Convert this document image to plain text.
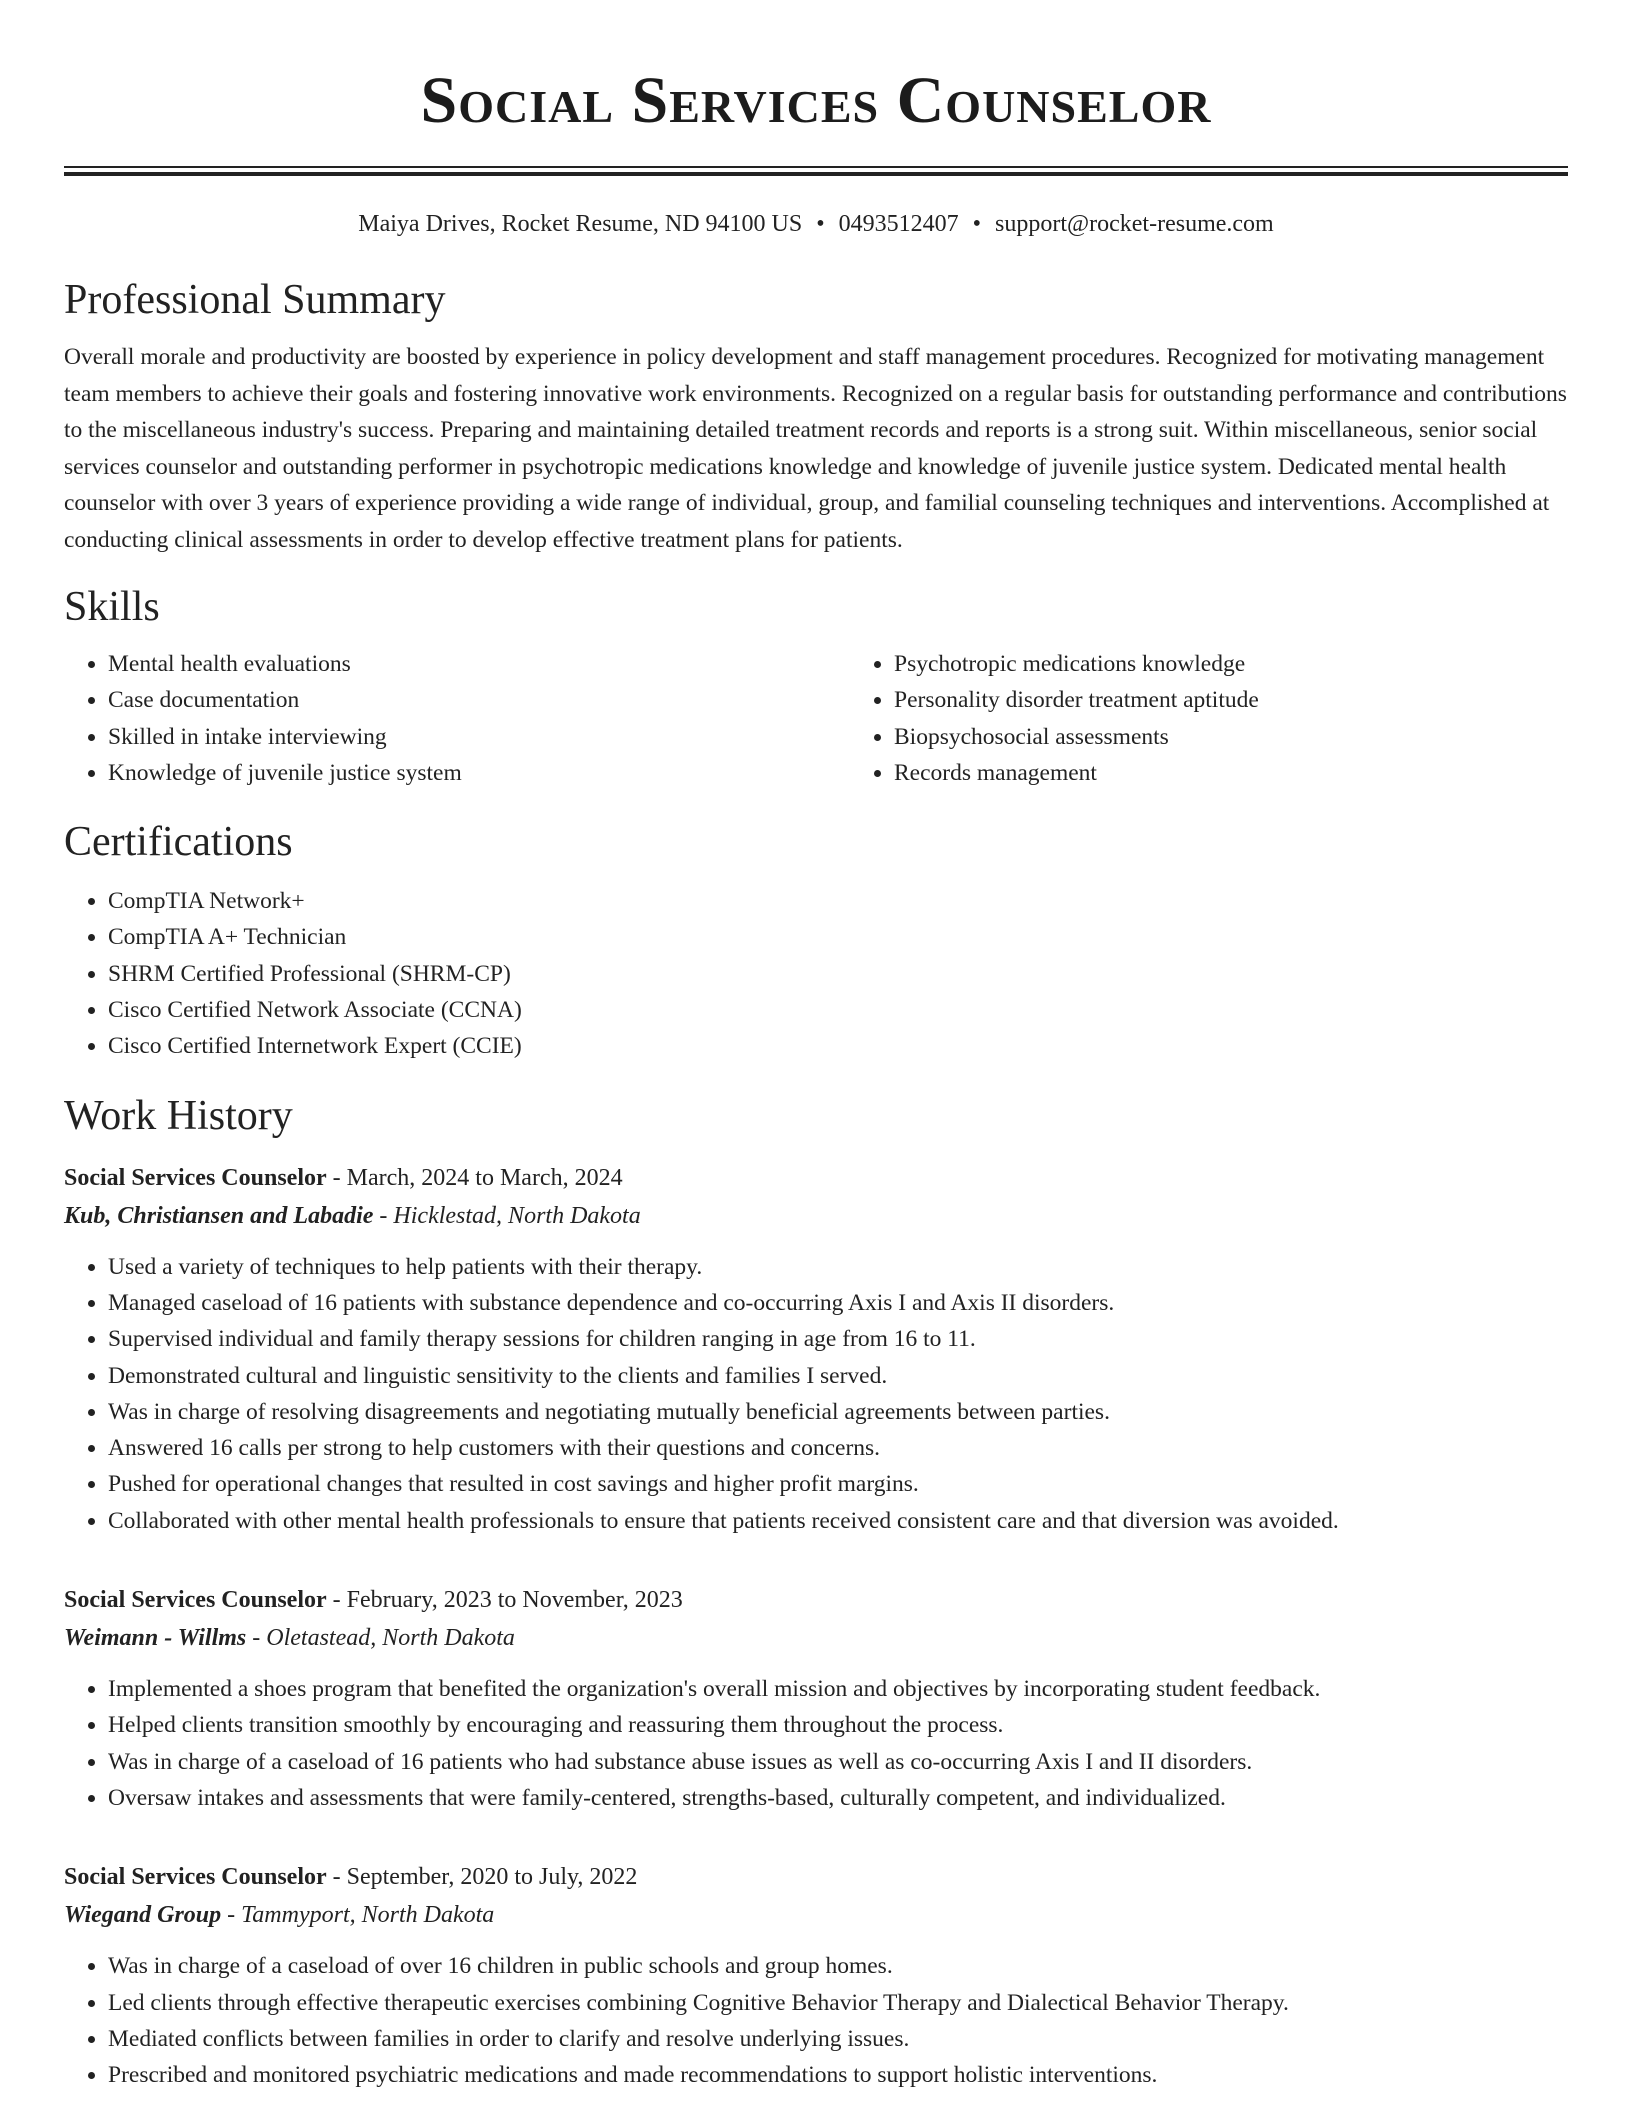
Social Services Counselor
Maiya Drives, Rocket Resume, ND 94100 US • 0493512407 • support@rocket-resume.com
Professional Summary

Overall morale and productivity are boosted by experience in policy development and staff management procedures. Recognized for motivating management team members to achieve their goals and fostering innovative work environments. Recognized on a regular basis for outstanding performance and contributions to the miscellaneous industry's success. Preparing and maintaining detailed treatment records and reports is a strong suit. Within miscellaneous, senior social services counselor and outstanding performer in psychotropic medications knowledge and knowledge of juvenile justice system. Dedicated mental health counselor with over 3 years of experience providing a wide range of individual, group, and familial counseling techniques and interventions. Accomplished at conducting clinical assessments in order to develop effective treatment plans for patients.

Skills
• Mental health evaluations
• Case documentation
• Skilled in intake interviewing
• Knowledge of juvenile justice system
• Psychotropic medications knowledge
• Personality disorder treatment aptitude
• Biopsychosocial assessments
• Records management
Certifications
• CompTIA Network+
• CompTIA A+ Technician
• SHRM Certified Professional (SHRM-CP)
• Cisco Certified Network Associate (CCNA)
• Cisco Certified Internetwork Expert (CCIE)
Work History
Social Services Counselor - March, 2024 to March, 2024
Kub, Christiansen and Labadie - Hicklestad, North Dakota
• Used a variety of techniques to help patients with their therapy.
• Managed caseload of 16 patients with substance dependence and co-occurring Axis I and Axis II disorders.
• Supervised individual and family therapy sessions for children ranging in age from 16 to 11.
• Demonstrated cultural and linguistic sensitivity to the clients and families I served.
• Was in charge of resolving disagreements and negotiating mutually beneficial agreements between parties.
• Answered 16 calls per strong to help customers with their questions and concerns.
• Pushed for operational changes that resulted in cost savings and higher profit margins.
• Collaborated with other mental health professionals to ensure that patients received consistent care and that diversion was avoided.
Social Services Counselor - February, 2023 to November, 2023
Weimann - Willms - Oletastead, North Dakota
• Implemented a shoes program that benefited the organization's overall mission and objectives by incorporating student feedback.
• Helped clients transition smoothly by encouraging and reassuring them throughout the process.
• Was in charge of a caseload of 16 patients who had substance abuse issues as well as co-occurring Axis I and II disorders.
• Oversaw intakes and assessments that were family-centered, strengths-based, culturally competent, and individualized.
Social Services Counselor - September, 2020 to July, 2022
Wiegand Group - Tammyport, North Dakota
• Was in charge of a caseload of over 16 children in public schools and group homes.
• Led clients through effective therapeutic exercises combining Cognitive Behavior Therapy and Dialectical Behavior Therapy.
• Mediated conflicts between families in order to clarify and resolve underlying issues.
• Prescribed and monitored psychiatric medications and made recommendations to support holistic interventions.
